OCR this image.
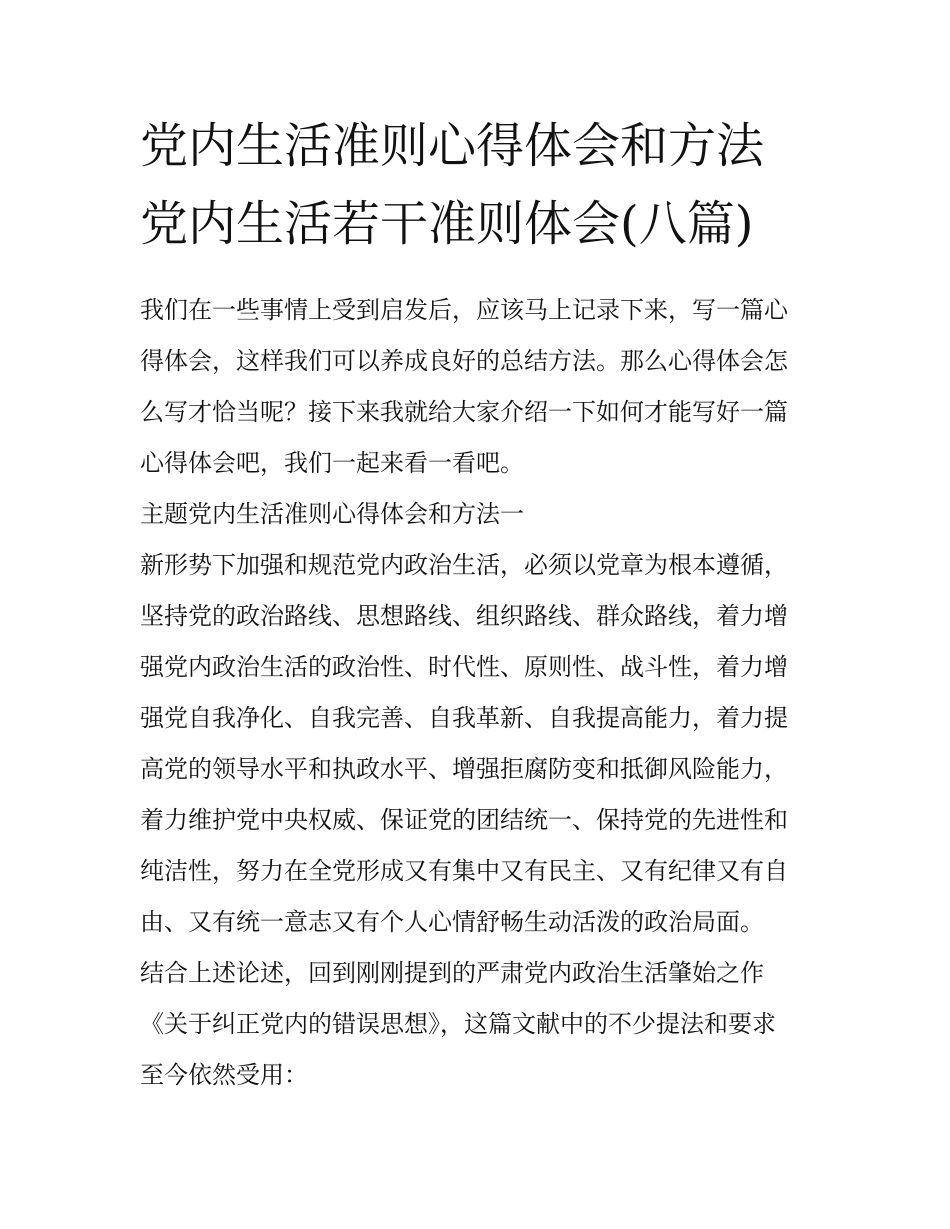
党内生活准则心得体会和方法
党内生活若干准则体会(八篇)
我们在一些事情上受到启发后，应该马上记录下来，写一篇心
得体会，这样我们可以养成良好的总结方法。那么心得体会怎
么写才恰当呢？接下来我就给大家介绍一下如何才能写好一篇
心得体会吧，我们一起来看一看吧。
主题党内生活准则心得体会和方法一
新形势下加强和规范党内政治生活，必须以党章为根本遵循，
坚持党的政治路线、思想路线、组织路线、群众路线，着力增
强党内政治生活的政治性、时代性、原则性、战斗性，着力增
强党自我净化、自我完善、自我革新、自我提高能力，着力提
高党的领导水平和执政水平、增强拒腐防变和抵御风险能力，
着力维护党中央权威、保证党的团结统一、保持党的先进性和
纯洁性，努力在全党形成又有集中又有民主、又有纪律又有自
由、又有统一意志又有个人心情舒畅生动活泼的政治局面。
结合上述论述，回到刚刚提到的严肃党内政治生活肇始之作
《关于纠正党内的错误思想》，这篇文献中的不少提法和要求
至今依然受用：
